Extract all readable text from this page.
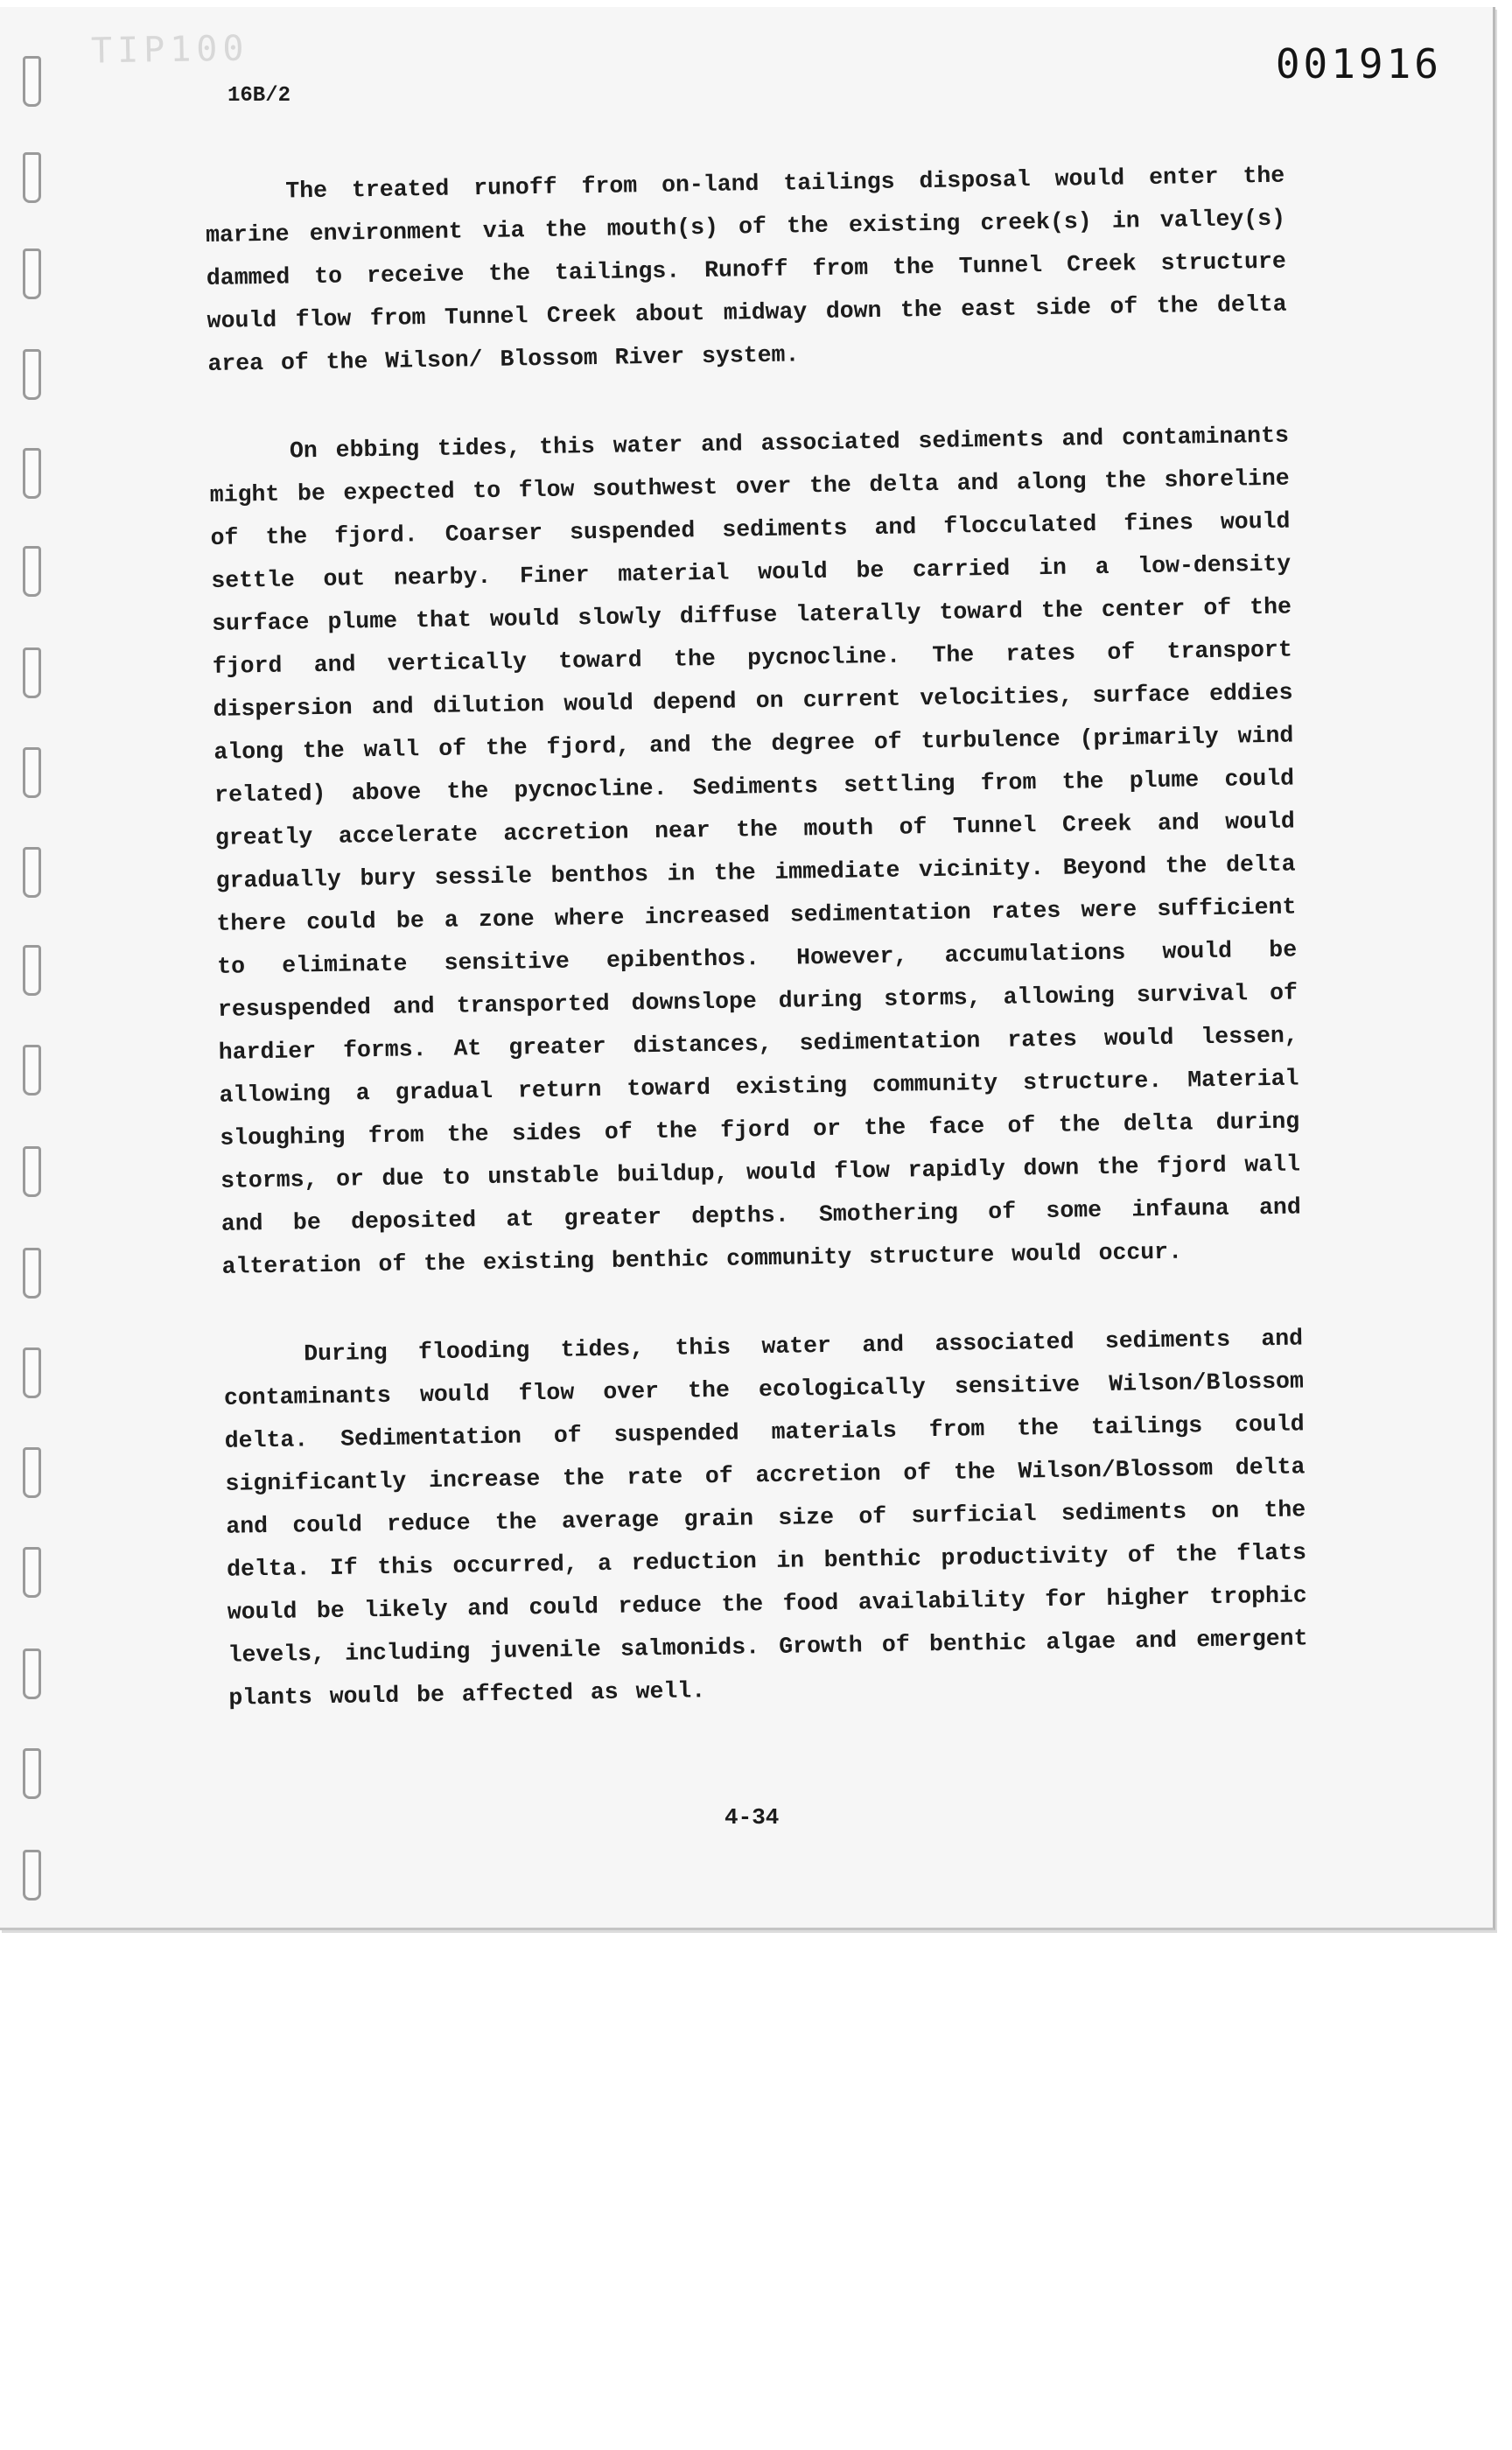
TIP100	001916
16B/2

The treated runoff from on-land tailings disposal would enter the marine environment via the mouth(s) of the existing creek(s) in valley(s) dammed to receive the tailings. Runoff from the Tunnel Creek structure would flow from Tunnel Creek about midway down the east side of the delta area of the Wilson/ Blossom River system.

On ebbing tides, this water and associated sediments and contaminants might be expected to flow southwest over the delta and along the shoreline of the fjord. Coarser suspended sediments and flocculated fines would settle out nearby. Finer material would be carried in a low-density surface plume that would slowly diffuse laterally toward the center of the fjord and vertically toward the pycnocline. The rates of transport dispersion and dilution would depend on current velocities, surface eddies along the wall of the fjord, and the degree of turbulence (primarily wind related) above the pycnocline. Sediments settling from the plume could greatly accelerate accretion near the mouth of Tunnel Creek and would gradually bury sessile benthos in the immediate vicinity. Beyond the delta there could be a zone where increased sedimentation rates were sufficient to eliminate sensitive epibenthos. However, accumulations would be resuspended and transported downslope during storms, allowing survival of hardier forms. At greater distances, sedimentation rates would lessen, allowing a gradual return toward existing community structure. Material sloughing from the sides of the fjord or the face of the delta during storms, or due to unstable buildup, would flow rapidly down the fjord wall and be deposited at greater depths. Smothering of some infauna and alteration of the existing benthic community structure would occur.

During flooding tides, this water and associated sediments and contaminants would flow over the ecologically sensitive Wilson/Blossom delta. Sedimentation of suspended materials from the tailings could significantly increase the rate of accretion of the Wilson/Blossom delta and could reduce the average grain size of surficial sediments on the delta. If this occurred, a reduction in benthic productivity of the flats would be likely and could reduce the food availability for higher trophic levels, including juvenile salmonids. Growth of benthic algae and emergent plants would be affected as well.

4-34
